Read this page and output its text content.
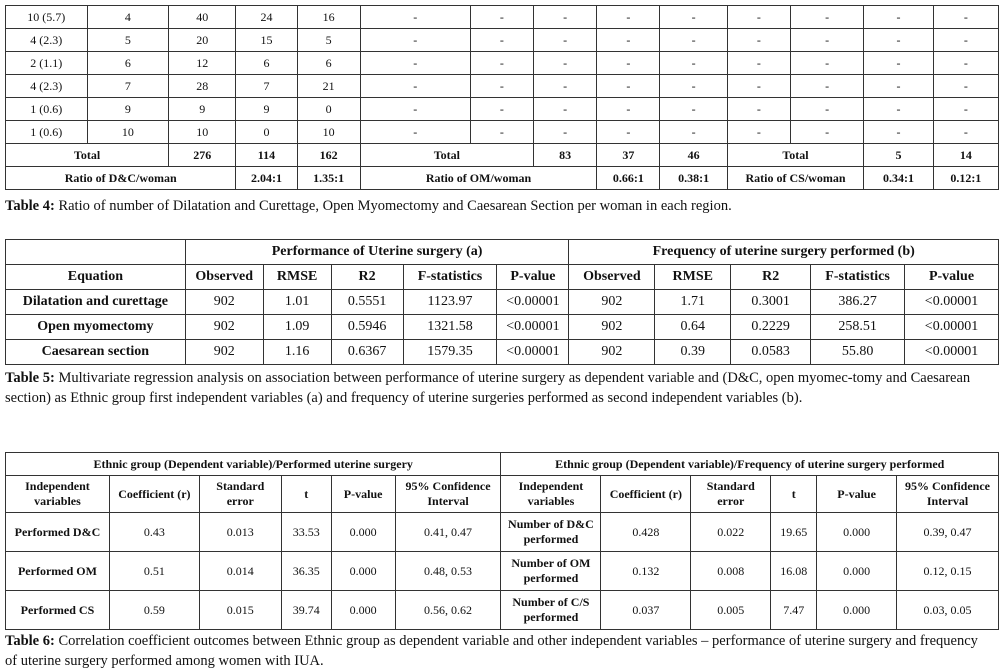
10 (5.7)	4	40	24	16	-	-	-	-	-	-	-	-	-
4 (2.3)	5	20	15	5	-	-	-	-	-	-	-	-	-
2 (1.1)	6	12	6	6	-	-	-	-	-	-	-	-	-
4 (2.3)	7	28	7	21	-	-	-	-	-	-	-	-	-
1 (0.6)	9	9	9	0	-	-	-	-	-	-	-	-	-
1 (0.6)	10	10	0	10	-	-	-	-	-	-	-	-	-
Total		276	114	162	Total		83	37	46	Total		5	14
Ratio of D&C/woman			2.04:1	1.35:1	Ratio of OM/woman			0.66:1	0.38:1	Ratio of CS/woman		0.34:1	0.12:1
Table 4: Ratio of number of Dilatation and Curettage, Open Myomectomy and Caesarean Section per woman in each region.
	Performance of Uterine surgery (a)					Frequency of uterine surgery performed (b)				
Equation	Observed	RMSE	R2	F-statistics	P-value	Observed	RMSE	R2	F-statistics	P-value
Dilatation and curettage	902	1.01	0.5551	1123.97	<0.00001	902	1.71	0.3001	386.27	<0.00001
Open myomectomy	902	1.09	0.5946	1321.58	<0.00001	902	0.64	0.2229	258.51	<0.00001
Caesarean section	902	1.16	0.6367	1579.35	<0.00001	902	0.39	0.0583	55.80	<0.00001
Table 5: Multivariate regression analysis on association between performance of uterine surgery as dependent variable and (D&C, open myomec-tomy and Caesarean section) as Ethnic group first independent variables (a) and frequency of uterine surgeries performed as second independent variables (b).
Ethnic group (Dependent variable)/Performed uterine surgery						Ethnic group (Dependent variable)/Frequency of uterine surgery performed					
Independent variables	Coefficient (r)	Standard error	t	P-value	95% Confidence Interval	Independent variables	Coefficient (r)	Standard error	t	P-value	95% Confidence Interval
Performed D&C	0.43	0.013	33.53	0.000	0.41, 0.47	Number of D&C performed	0.428	0.022	19.65	0.000	0.39, 0.47
Performed OM	0.51	0.014	36.35	0.000	0.48, 0.53	Number of OM performed	0.132	0.008	16.08	0.000	0.12, 0.15
Performed CS	0.59	0.015	39.74	0.000	0.56, 0.62	Number of C/S performed	0.037	0.005	7.47	0.000	0.03, 0.05
Table 6: Correlation coefficient outcomes between Ethnic group as dependent variable and other independent variables – performance of uterine surgery and frequency of uterine surgery performed among women with IUA.
